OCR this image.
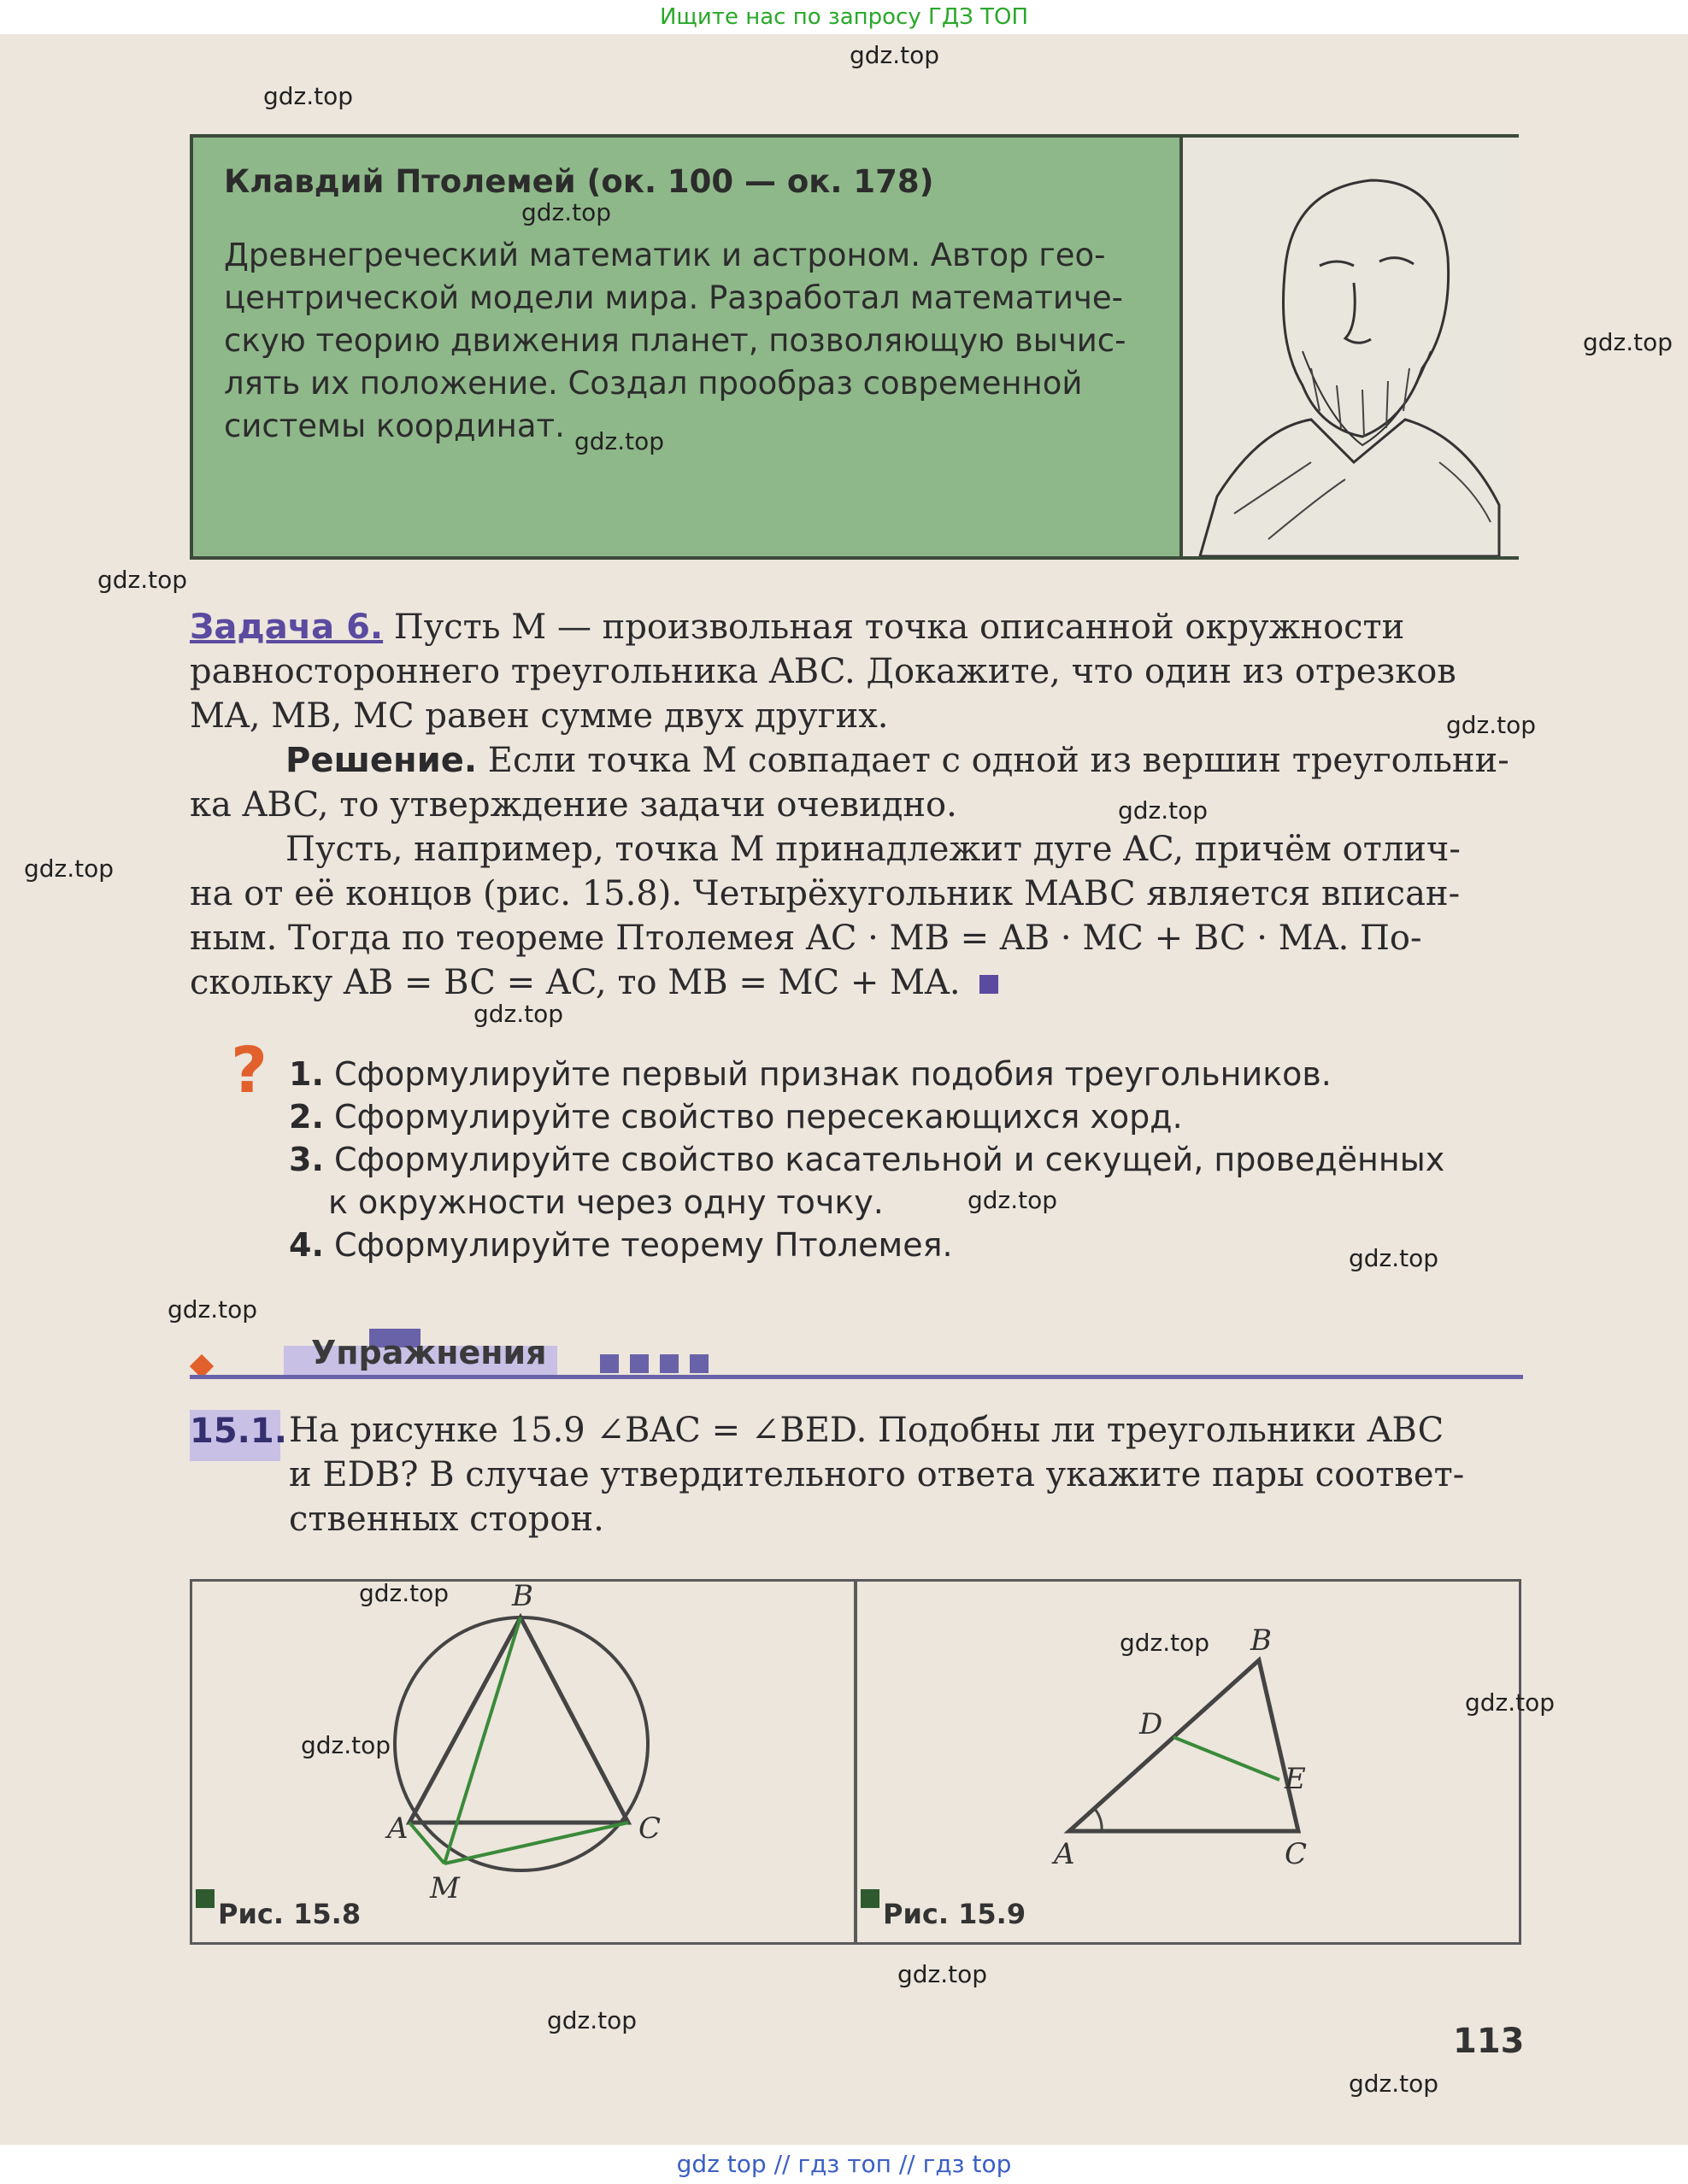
Ищите нас по запросу ГДЗ ТОП
Клавдий Птолемей (ок. 100 — ок. 178)
Древнегреческий математик и астроном. Автор гео-
центрической модели мира. Разработал математиче-
скую теорию движения планет, позволяющую вычис-
лять их положение. Создал прообраз современной
системы координат.
Задача 6. Пусть M — произвольная точка описанной окружности
равностороннего треугольника ABC. Докажите, что один из отрезков
MA, MB, MC равен сумме двух других.
Решение. Если точка M совпадает с одной из вершин треугольни-
ка ABC, то утверждение задачи очевидно.
Пусть, например, точка M принадлежит дуге AC, причём отлич-
на от её концов (рис. 15.8). Четырёхугольник MABC является вписан-
ным. Тогда по теореме Птолемея AC · MB = AB · MC + BC · MA. По-
скольку AB = BC = AC, то MB = MC + MA.
? 1. Сформулируйте первый признак подобия треугольников.
2. Сформулируйте свойство пересекающихся хорд.
3. Сформулируйте свойство касательной и секущей, проведённых
к окружности через одну точку.
4. Сформулируйте теорему Птолемея.
Упражнения
15.1. На рисунке 15.9 ∠BAC = ∠BED. Подобны ли треугольники ABC
и EDB? В случае утвердительного ответа укажите пары соответ-
ственных сторон.
B
A	C
M
Рис. 15.8
B
D
E
A	C
Рис. 15.9
113
gdz.top
gdz.top
gdz.top
gdz.top
gdz.top
gdz.top
gdz.top
gdz.top
gdz.top
gdz.top
gdz.top
gdz.top
gdz.top
gdz.top
gdz.top
gdz.top
gdz.top
gdz.top
gdz.top
gdz.top
gdz top // гдз топ // гдз top
